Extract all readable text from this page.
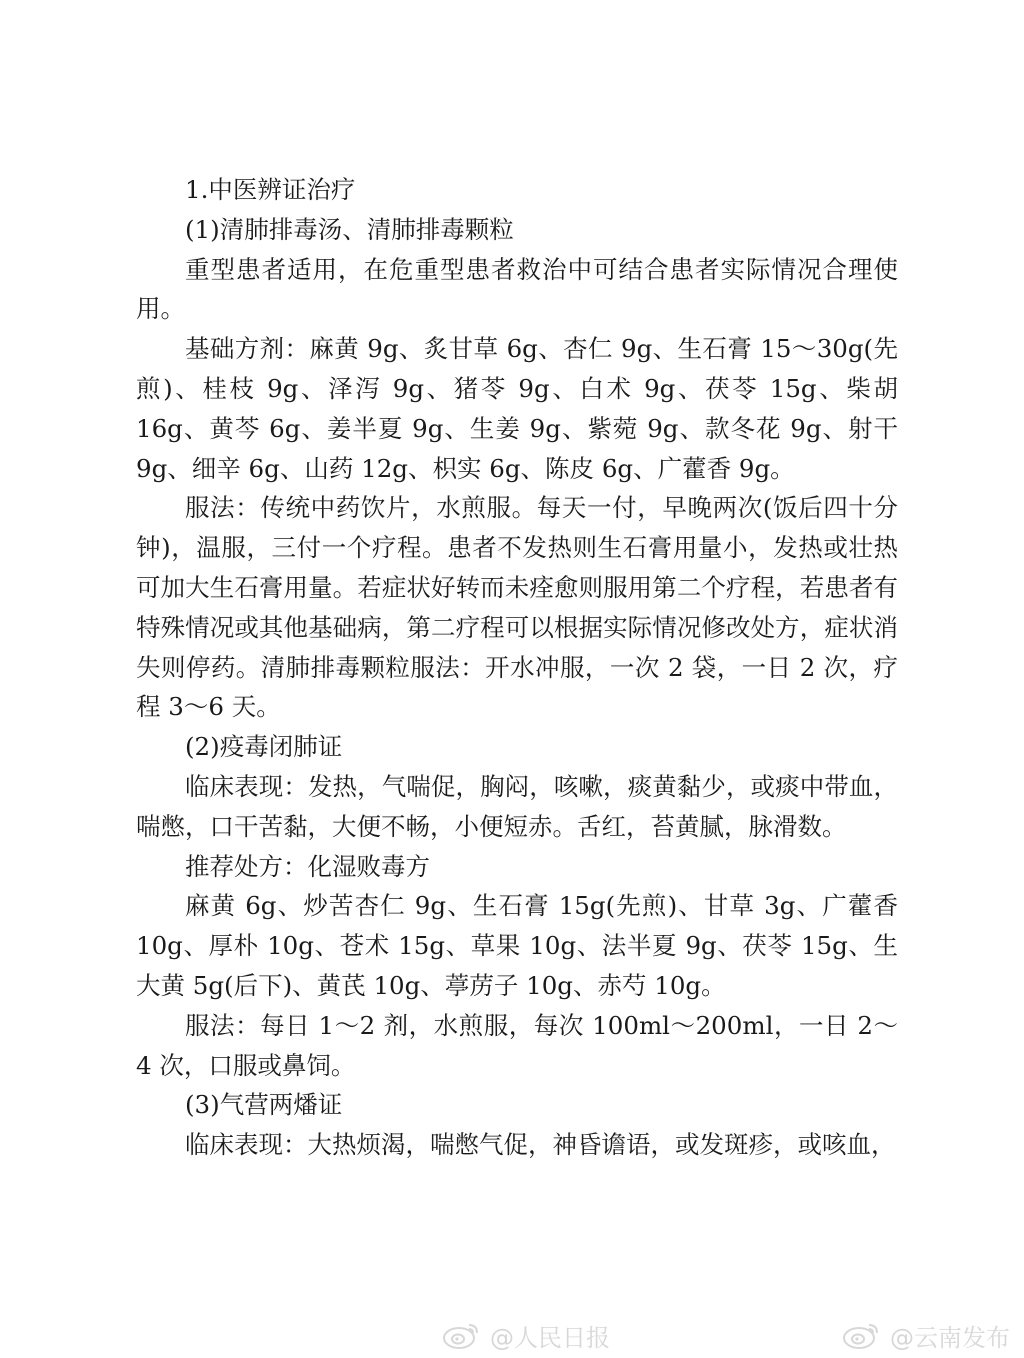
1.中医辨证治疗

(1)清肺排毒汤、清肺排毒颗粒

重型患者适用，在危重型患者救治中可结合患者实际情况合理使用。

基础方剂：麻黄 9g、炙甘草 6g、杏仁 9g、生石膏 15～30g(先煎)、桂枝 9g、泽泻 9g、猪苓 9g、白术 9g、茯苓 15g、柴胡 16g、黄芩 6g、姜半夏 9g、生姜 9g、紫菀 9g、款冬花 9g、射干 9g、细辛 6g、山药 12g、枳实 6g、陈皮 6g、广藿香 9g。

服法：传统中药饮片，水煎服。每天一付，早晚两次(饭后四十分钟)，温服，三付一个疗程。患者不发热则生石膏用量小，发热或壮热可加大生石膏用量。若症状好转而未痊愈则服用第二个疗程，若患者有特殊情况或其他基础病，第二疗程可以根据实际情况修改处方，症状消失则停药。清肺排毒颗粒服法：开水冲服，一次 2 袋，一日 2 次，疗程 3～6 天。

(2)疫毒闭肺证

临床表现：发热，气喘促，胸闷，咳嗽，痰黄黏少，或痰中带血，喘憋，口干苦黏，大便不畅，小便短赤。舌红，苔黄腻，脉滑数。

推荐处方：化湿败毒方

麻黄 6g、炒苦杏仁 9g、生石膏 15g(先煎)、甘草 3g、广藿香 10g、厚朴 10g、苍术 15g、草果 10g、法半夏 9g、茯苓 15g、生大黄 5g(后下)、黄芪 10g、葶苈子 10g、赤芍 10g。

服法：每日 1～2 剂，水煎服，每次 100ml～200ml，一日 2～4 次，口服或鼻饲。

(3)气营两燔证

临床表现：大热烦渴，喘憋气促，神昏谵语，或发斑疹，或咳血，

@人民日报	@云南发布
